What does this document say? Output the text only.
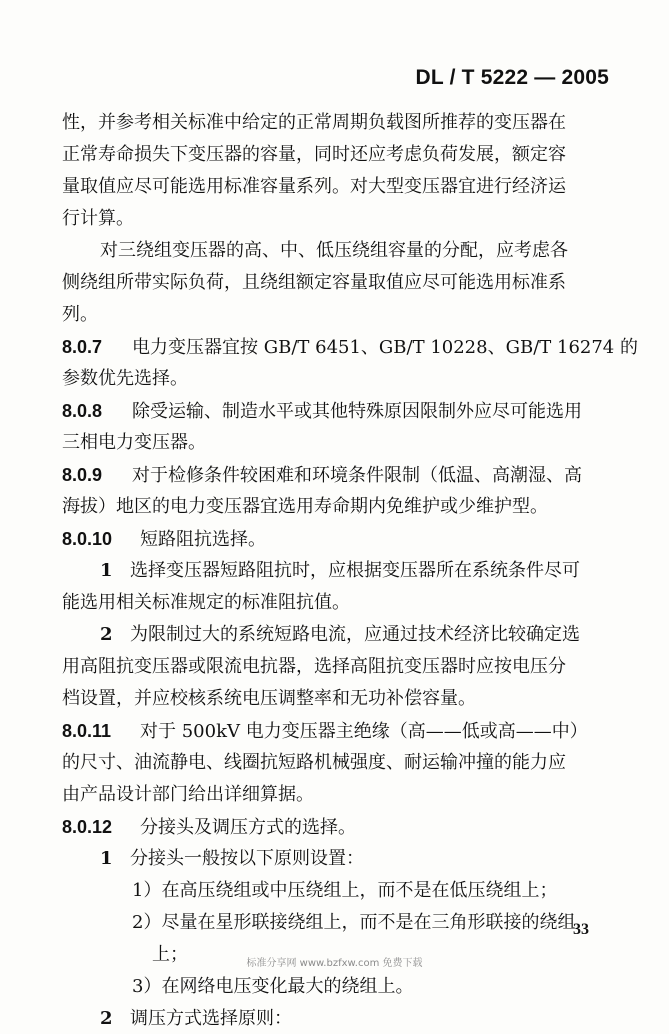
DL / T 5222 — 2005
性，并参考相关标准中给定的正常周期负载图所推荐的变压器在
正常寿命损失下变压器的容量，同时还应考虑负荷发展，额定容
量取值应尽可能选用标准容量系列。对大型变压器宜进行经济运
行计算。
对三绕组变压器的高、中、低压绕组容量的分配，应考虑各
侧绕组所带实际负荷，且绕组额定容量取值应尽可能选用标准系
列。
8.0.7 电力变压器宜按 GB/T 6451、GB/T 10228、GB/T 16274 的
参数优先选择。
8.0.8 除受运输、制造水平或其他特殊原因限制外应尽可能选用
三相电力变压器。
8.0.9 对于检修条件较困难和环境条件限制（低温、高潮湿、高
海拔）地区的电力变压器宜选用寿命期内免维护或少维护型。
8.0.10 短路阻抗选择。
1 选择变压器短路阻抗时，应根据变压器所在系统条件尽可
能选用相关标准规定的标准阻抗值。
2 为限制过大的系统短路电流，应通过技术经济比较确定选
用高阻抗变压器或限流电抗器，选择高阻抗变压器时应按电压分
档设置，并应校核系统电压调整率和无功补偿容量。
8.0.11 对于 500kV 电力变压器主绝缘（高——低或高——中）
的尺寸、油流静电、线圈抗短路机械强度、耐运输冲撞的能力应
由产品设计部门给出详细算据。
8.0.12 分接头及调压方式的选择。
1 分接头一般按以下原则设置：
1）在高压绕组或中压绕组上，而不是在低压绕组上；
2）尽量在星形联接绕组上，而不是在三角形联接的绕组
上；
3）在网络电压变化最大的绕组上。
2 调压方式选择原则：
33
标准分享网 www.bzfxw.com 免费下载
